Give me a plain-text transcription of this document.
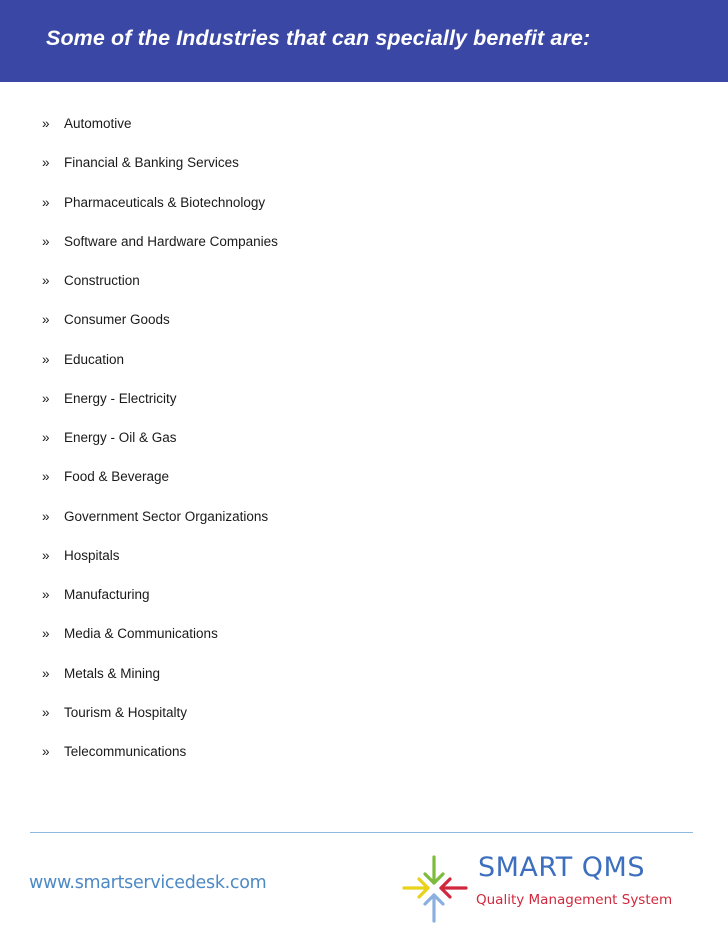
Some of the Industries that can specially benefit are:
» Automotive
» Financial & Banking Services
» Pharmaceuticals & Biotechnology
» Software and Hardware Companies
» Construction
» Consumer Goods
» Education
» Energy - Electricity
» Energy - Oil & Gas
» Food & Beverage
» Government Sector Organizations
» Hospitals
» Manufacturing
» Media & Communications
» Metals & Mining
» Tourism & Hospitalty
» Telecommunications
www.smartservicedesk.com	SMART QMS
Quality Management System
